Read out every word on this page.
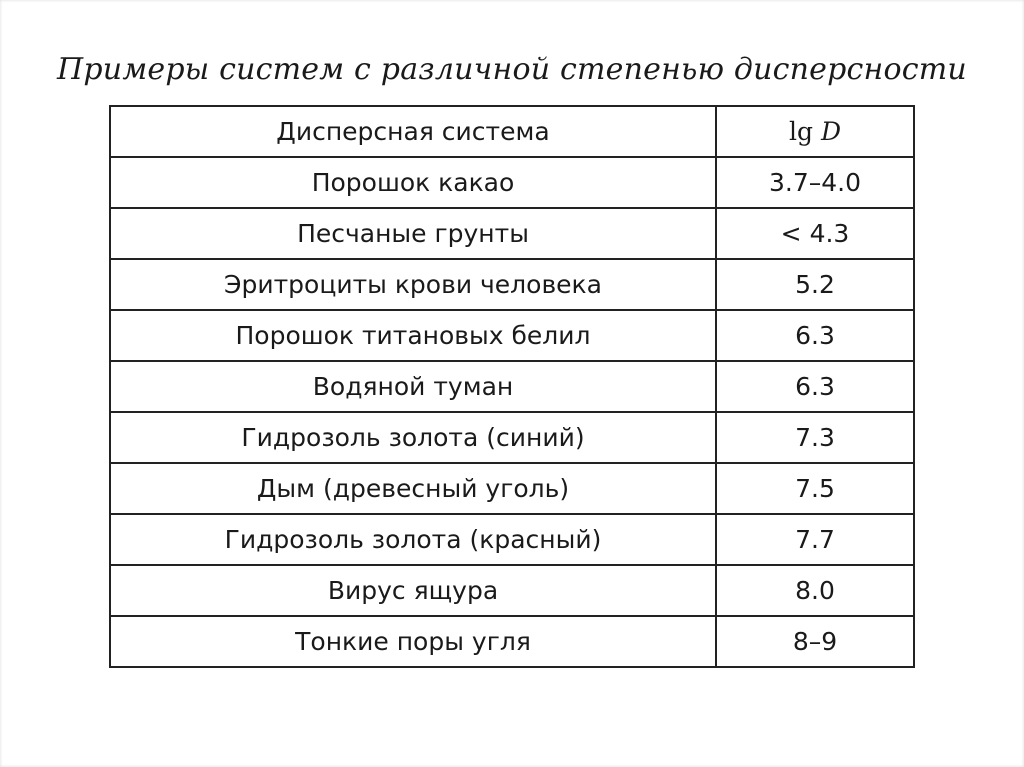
Примеры систем с различной степенью дисперсности
Дисперсная система	lg D
Порошок какао	3.7–4.0
Песчаные грунты	< 4.3
Эритроциты крови человека	5.2
Порошок титановых белил	6.3
Водяной туман	6.3
Гидрозоль золота (синий)	7.3
Дым (древесный уголь)	7.5
Гидрозоль золота (красный)	7.7
Вирус ящура	8.0
Тонкие поры угля	8–9
